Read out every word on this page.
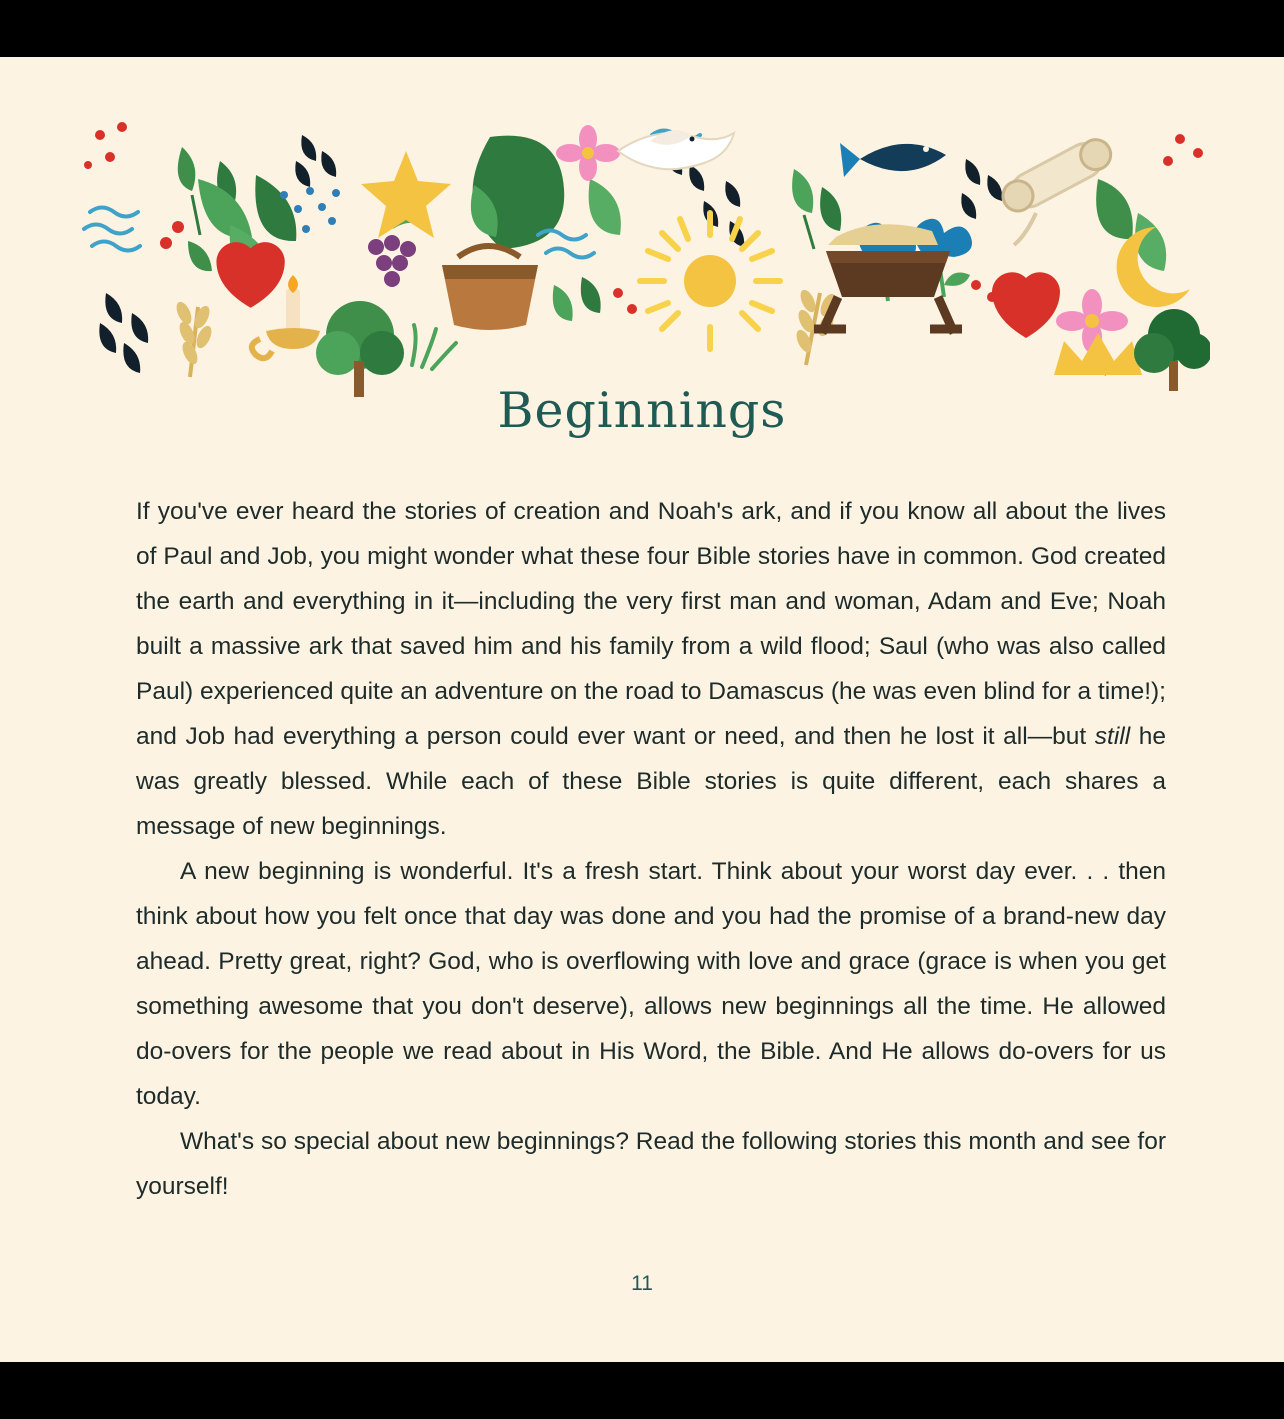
Beginnings

If you've ever heard the stories of creation and Noah's ark, and if you know all about the lives of Paul and Job, you might wonder what these four Bible stories have in common. God created the earth and everything in it—including the very first man and woman, Adam and Eve; Noah built a massive ark that saved him and his family from a wild flood; Saul (who was also called Paul) experienced quite an adventure on the road to Damascus (he was even blind for a time!); and Job had everything a person could ever want or need, and then he lost it all—but still he was greatly blessed. While each of these Bible stories is quite different, each shares a message of new beginnings.

A new beginning is wonderful. It's a fresh start. Think about your worst day ever. . . then think about how you felt once that day was done and you had the promise of a brand-new day ahead. Pretty great, right? God, who is overflowing with love and grace (grace is when you get something awesome that you don't deserve), allows new beginnings all the time. He allowed do-overs for the people we read about in His Word, the Bible. And He allows do-overs for us today.

What's so special about new beginnings? Read the following stories this month and see for yourself!

11
